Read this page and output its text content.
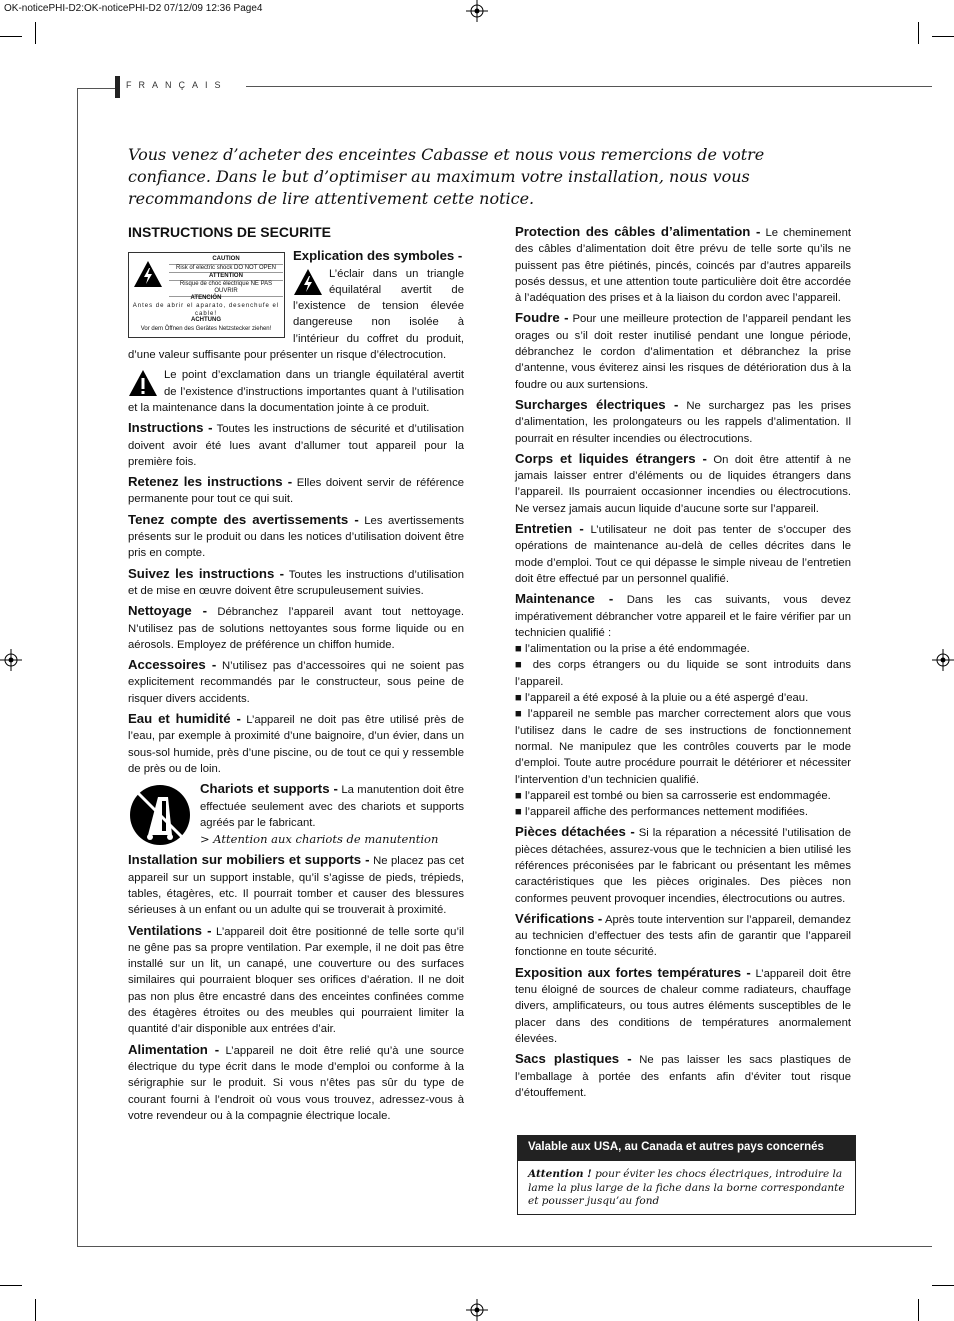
OK-noticePHI-D2:OK-noticePHI-D2 07/12/09 12:36 Page4
FRANÇAIS
Vous venez d’acheter des enceintes Cabasse et nous vous remercions de votre confiance. Dans le but d’optimiser au maximum votre installation, nous vous recommandons de lire attentivement cette notice.

INSTRUCTIONS DE SECURITE

CAUTION
Risk of electric shock DO NOT OPEN
ATTENTION
Risque de choc électrique NE PAS OUVRIR
ATENCIÓN
Antes de abrir el aparato, desenchufe el cable!
ACHTUNG
Vor dem Öffnen des Gerätes Netzstecker ziehen!

Explication des symboles -

L’éclair dans un triangle équilatéral avertit de l’existence de tension élevée dangereuse non isolée à l’intérieur du coffret du produit, d’une valeur suffisante pour présenter un risque d’électrocution.

Le point d’exclamation dans un triangle équilatéral avertit de l’existence d’instructions importantes quant à l’utilisation et la maintenance dans la documentation jointe à ce produit.

Instructions - Toutes les instructions de sécurité et d’utilisation doivent avoir été lues avant d’allumer tout appareil pour la première fois.

Retenez les instructions - Elles doivent servir de référence permanente pour tout ce qui suit.

Tenez compte des avertissements - Les avertissements présents sur le produit ou dans les notices d’utilisation doivent être pris en compte.

Suivez les instructions - Toutes les instructions d’utilisation et de mise en œuvre doivent être scrupuleusement suivies.

Nettoyage - Débranchez l’appareil avant tout nettoyage. N’utilisez pas de solutions nettoyantes sous forme liquide ou en aérosols. Employez de préférence un chiffon humide.

Accessoires - N’utilisez pas d’accessoires qui ne soient pas explicitement recommandés par le constructeur, sous peine de risquer divers accidents.

Eau et humidité - L’appareil ne doit pas être utilisé près de l’eau, par exemple à proximité d’une baignoire, d’un évier, dans un sous-sol humide, près d’une piscine, ou de tout ce qui y ressemble de près ou de loin.

Chariots et supports - La manutention doit être effectuée seulement avec des chariots et supports agréés par le fabricant.
> Attention aux chariots de manutention

Installation sur mobiliers et supports - Ne placez pas cet appareil sur un support instable, qu’il s’agisse de pieds, trépieds, tables, étagères, etc. Il pourrait tomber et causer des blessures sérieuses à un enfant ou un adulte qui se trouverait à proximité.

Ventilations - L’appareil doit être positionné de telle sorte qu’il ne gêne pas sa propre ventilation. Par exemple, il ne doit pas être installé sur un lit, un canapé, une couverture ou des surfaces similaires qui pourraient bloquer ses orifices d’aération. Il ne doit pas non plus être encastré dans des enceintes confinées comme des étagères étroites ou des meubles qui pourraient limiter la quantité d’air disponible aux entrées d’air.

Alimentation - L’appareil ne doit être relié qu’à une source électrique du type écrit dans le mode d’emploi ou conforme à la sérigraphie sur le produit. Si vous n’êtes pas sûr du type de courant fourni à l’endroit où vous vous trouvez, adressez-vous à votre revendeur ou à la compagnie électrique locale.

Protection des câbles d’alimentation - Le cheminement des câbles d’alimentation doit être prévu de telle sorte qu’ils ne puissent pas être piétinés, pincés, coincés par d’autres appareils posés dessus, et une attention toute particulière doit être accordée à l’adéquation des prises et à la liaison du cordon avec l’appareil.

Foudre - Pour une meilleure protection de l’appareil pendant les orages ou s’il doit rester inutilisé pendant une longue période, débranchez le cordon d’alimentation et débranchez la prise d’antenne, vous éviterez ainsi les risques de détérioration dus à la foudre ou aux surtensions.

Surcharges électriques - Ne surchargez pas les prises d’alimentation, les prolongateurs ou les rappels d’alimentation. Il pourrait en résulter incendies ou électrocutions.

Corps et liquides étrangers - On doit être attentif à ne jamais laisser entrer d’éléments ou de liquides étrangers dans l’appareil. Ils pourraient occasionner incendies ou électrocutions. Ne versez jamais aucun liquide d’aucune sorte sur l’appareil.

Entretien - L’utilisateur ne doit pas tenter de s’occuper des opérations de maintenance au-delà de celles décrites dans le mode d’emploi. Tout ce qui dépasse le simple niveau de l’entretien doit être effectué par un personnel qualifié.

Maintenance - Dans les cas suivants, vous devez impérativement débrancher votre appareil et le faire vérifier par un technicien qualifié :
■ l’alimentation ou la prise a été endommagée.
■ des corps étrangers ou du liquide se sont introduits dans l’appareil.
■ l’appareil a été exposé à la pluie ou a été aspergé d’eau.
■ l’appareil ne semble pas marcher correctement alors que vous l’utilisez dans le cadre de ses instructions de fonctionnement normal. Ne manipulez que les contrôles couverts par le mode d’emploi. Toute autre procédure pourrait le détériorer et nécessiter l’intervention d’un technicien qualifié.
■ l’appareil est tombé ou bien sa carrosserie est endommagée.
■ l’appareil affiche des performances nettement modifiées.

Pièces détachées - Si la réparation a nécessité l’utilisation de pièces détachées, assurez-vous que le technicien a bien utilisé les références préconisées par le fabricant ou présentant les mêmes caractéristiques que les pièces originales. Des pièces non conformes peuvent provoquer incendies, électrocutions ou autres.

Vérifications - Après toute intervention sur l’appareil, demandez au technicien d’effectuer des tests afin de garantir que l’appareil fonctionne en toute sécurité.

Exposition aux fortes températures - L’appareil doit être tenu éloigné de sources de chaleur comme radiateurs, chauffage divers, amplificateurs, ou tous autres éléments susceptibles de le placer dans des conditions de températures anormalement élevées.

Sacs plastiques - Ne pas laisser les sacs plastiques de l’emballage à portée des enfants afin d’éviter tout risque d’étouffement.

Valable aux USA, au Canada et autres pays concernés
Attention ! pour éviter les chocs électriques, introduire la lame la plus large de la fiche dans la borne correspondante et pousser jusqu’au fond
